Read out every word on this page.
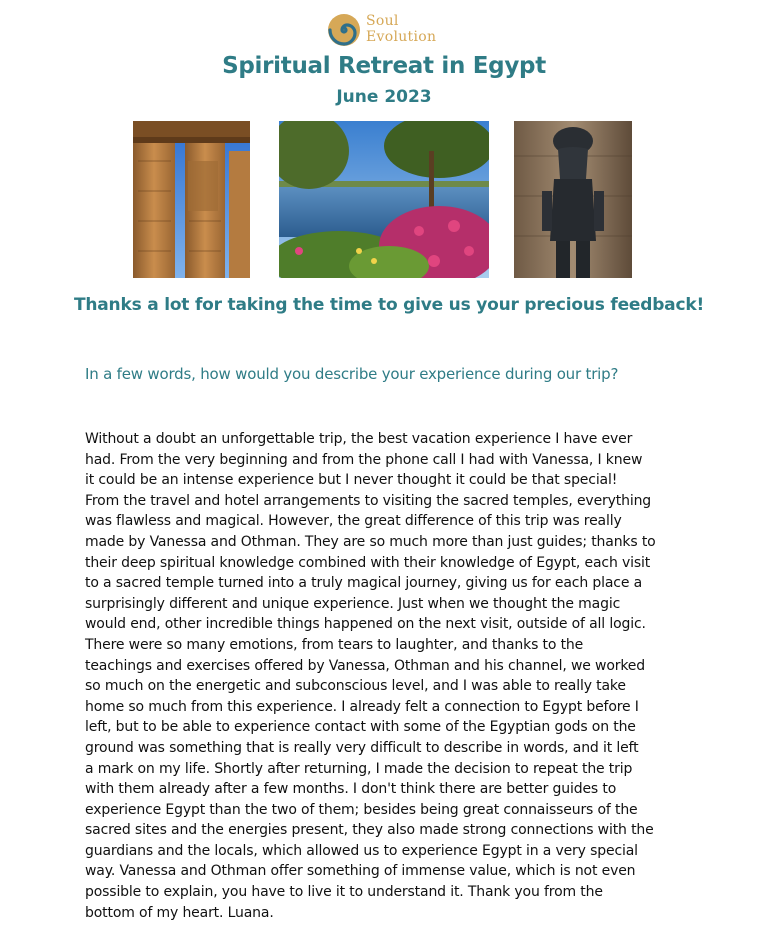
Soul
Evolution
Spiritual Retreat in Egypt
June 2023
Thanks a lot for taking the time to give us your precious feedback!
In a few words, how would you describe your experience during our trip?
Without a doubt an unforgettable trip, the best vacation experience I have ever
had. From the very beginning and from the phone call I had with Vanessa, I knew
it could be an intense experience but I never thought it could be that special!
From the travel and hotel arrangements to visiting the sacred temples, everything
was flawless and magical. However, the great difference of this trip was really
made by Vanessa and Othman. They are so much more than just guides; thanks to
their deep spiritual knowledge combined with their knowledge of Egypt, each visit
to a sacred temple turned into a truly magical journey, giving us for each place a
surprisingly different and unique experience. Just when we thought the magic
would end, other incredible things happened on the next visit, outside of all logic.
There were so many emotions, from tears to laughter, and thanks to the
teachings and exercises offered by Vanessa, Othman and his channel, we worked
so much on the energetic and subconscious level, and I was able to really take
home so much from this experience. I already felt a connection to Egypt before I
left, but to be able to experience contact with some of the Egyptian gods on the
ground was something that is really very difficult to describe in words, and it left
a mark on my life. Shortly after returning, I made the decision to repeat the trip
with them already after a few months. I don't think there are better guides to
experience Egypt than the two of them; besides being great connaisseurs of the
sacred sites and the energies present, they also made strong connections with the
guardians and the locals, which allowed us to experience Egypt in a very special
way. Vanessa and Othman offer something of immense value, which is not even
possible to explain, you have to live it to understand it. Thank you from the
bottom of my heart. Luana.
